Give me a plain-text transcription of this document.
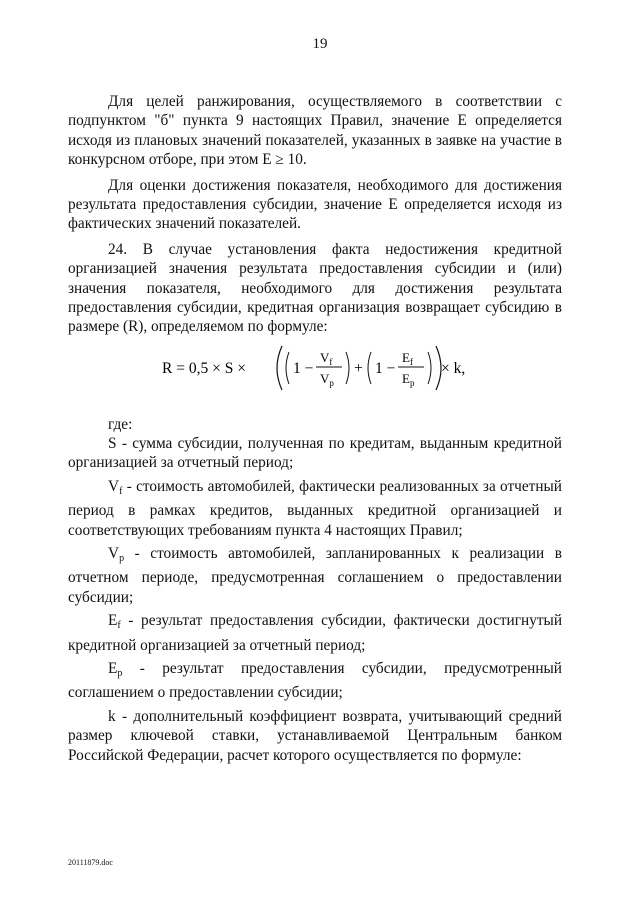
19

Для целей ранжирования, осуществляемого в соответствии с подпунктом "б" пункта 9 настоящих Правил, значение E определяется исходя из плановых значений показателей, указанных в заявке на участие в конкурсном отборе, при этом E ≥ 10.

Для оценки достижения показателя, необходимого для достижения результата предоставления субсидии, значение E определяется исходя из фактических значений показателей.

24. В случае установления факта недостижения кредитной организацией значения результата предоставления субсидии и (или) значения показателя, необходимого для достижения результата предоставления субсидии, кредитная организация возвращает субсидию в размере (R), определяемом по формуле:

R = 0,5 × S ×	1 −
$V_f$
$V_p$
+ 1 −
$E_f$
$E_p$
× k,
где:

S - сумма субсидии, полученная по кредитам, выданным кредитной организацией за отчетный период;

$V_f$ - стоимость автомобилей, фактически реализованных за отчетный период в рамках кредитов, выданных кредитной организацией и соответствующих требованиям пункта 4 настоящих Правил;

$V_p$ - стоимость автомобилей, запланированных к реализации в отчетном периоде, предусмотренная соглашением о предоставлении субсидии;

$E_f$ - результат предоставления субсидии, фактически достигнутый кредитной организацией за отчетный период;

$E_p$ - результат предоставления субсидии, предусмотренный соглашением о предоставлении субсидии;

k - дополнительный коэффициент возврата, учитывающий средний размер ключевой ставки, устанавливаемой Центральным банком Российской Федерации, расчет которого осуществляется по формуле:

20111879.doc
